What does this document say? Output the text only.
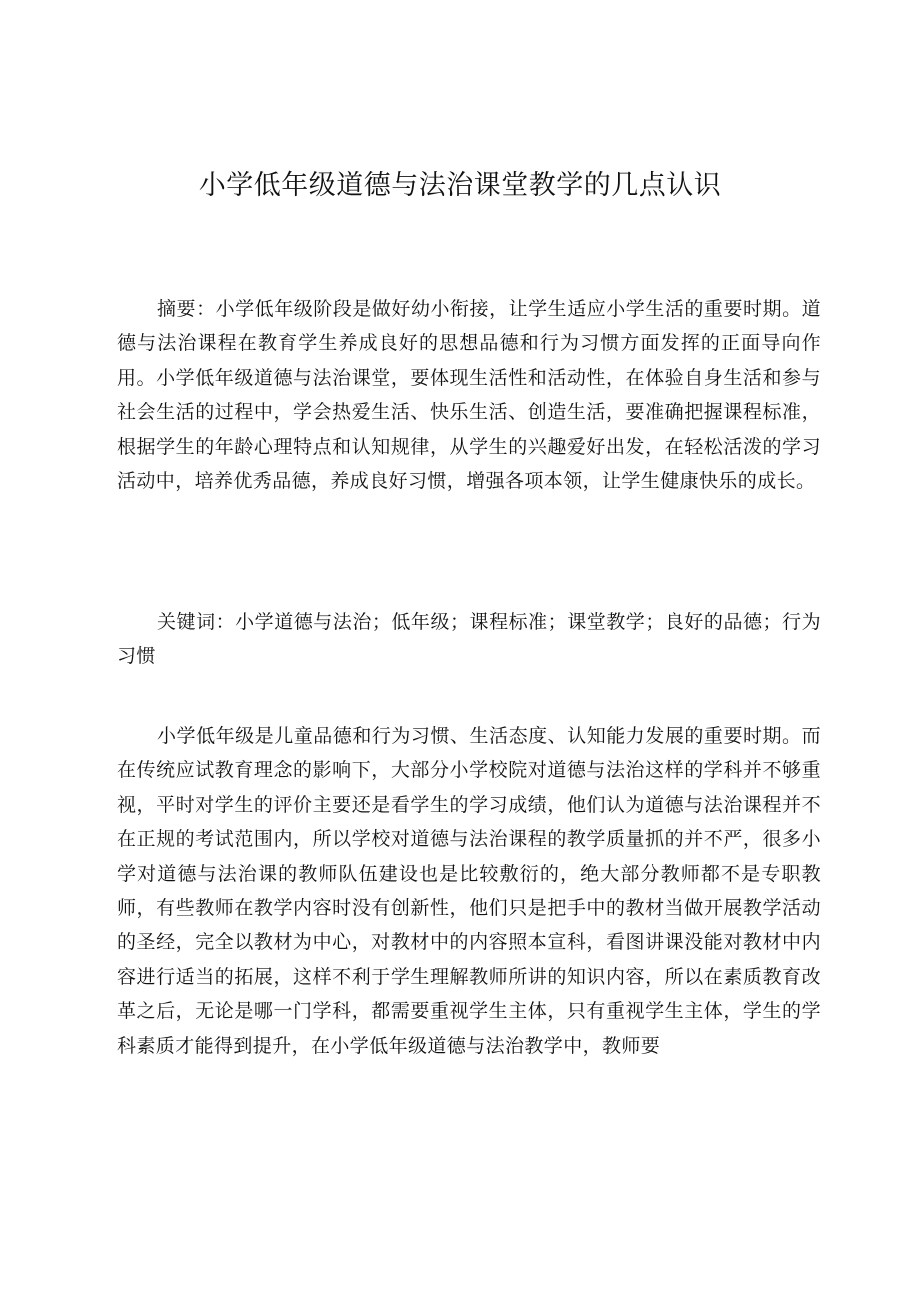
小学低年级道德与法治课堂教学的几点认识

摘要：小学低年级阶段是做好幼小衔接，让学生适应小学生活的重要时期。道德与法治课程在教育学生养成良好的思想品德和行为习惯方面发挥的正面导向作用。小学低年级道德与法治课堂，要体现生活性和活动性，在体验自身生活和参与社会生活的过程中，学会热爱生活、快乐生活、创造生活，要准确把握课程标准，根据学生的年龄心理特点和认知规律，从学生的兴趣爱好出发，在轻松活泼的学习活动中，培养优秀品德，养成良好习惯，增强各项本领，让学生健康快乐的成长。

关键词：小学道德与法治；低年级；课程标准；课堂教学；良好的品德；行为习惯

小学低年级是儿童品德和行为习惯、生活态度、认知能力发展的重要时期。而在传统应试教育理念的影响下，大部分小学校院对道德与法治这样的学科并不够重视，平时对学生的评价主要还是看学生的学习成绩，他们认为道德与法治课程并不在正规的考试范围内，所以学校对道德与法治课程的教学质量抓的并不严，很多小学对道德与法治课的教师队伍建设也是比较敷衍的，绝大部分教师都不是专职教师，有些教师在教学内容时没有创新性，他们只是把手中的教材当做开展教学活动的圣经，完全以教材为中心，对教材中的内容照本宣科，看图讲课没能对教材中内容进行适当的拓展，这样不利于学生理解教师所讲的知识内容，所以在素质教育改革之后，无论是哪一门学科，都需要重视学生主体，只有重视学生主体，学生的学科素质才能得到提升，在小学低年级道德与法治教学中，教师要
